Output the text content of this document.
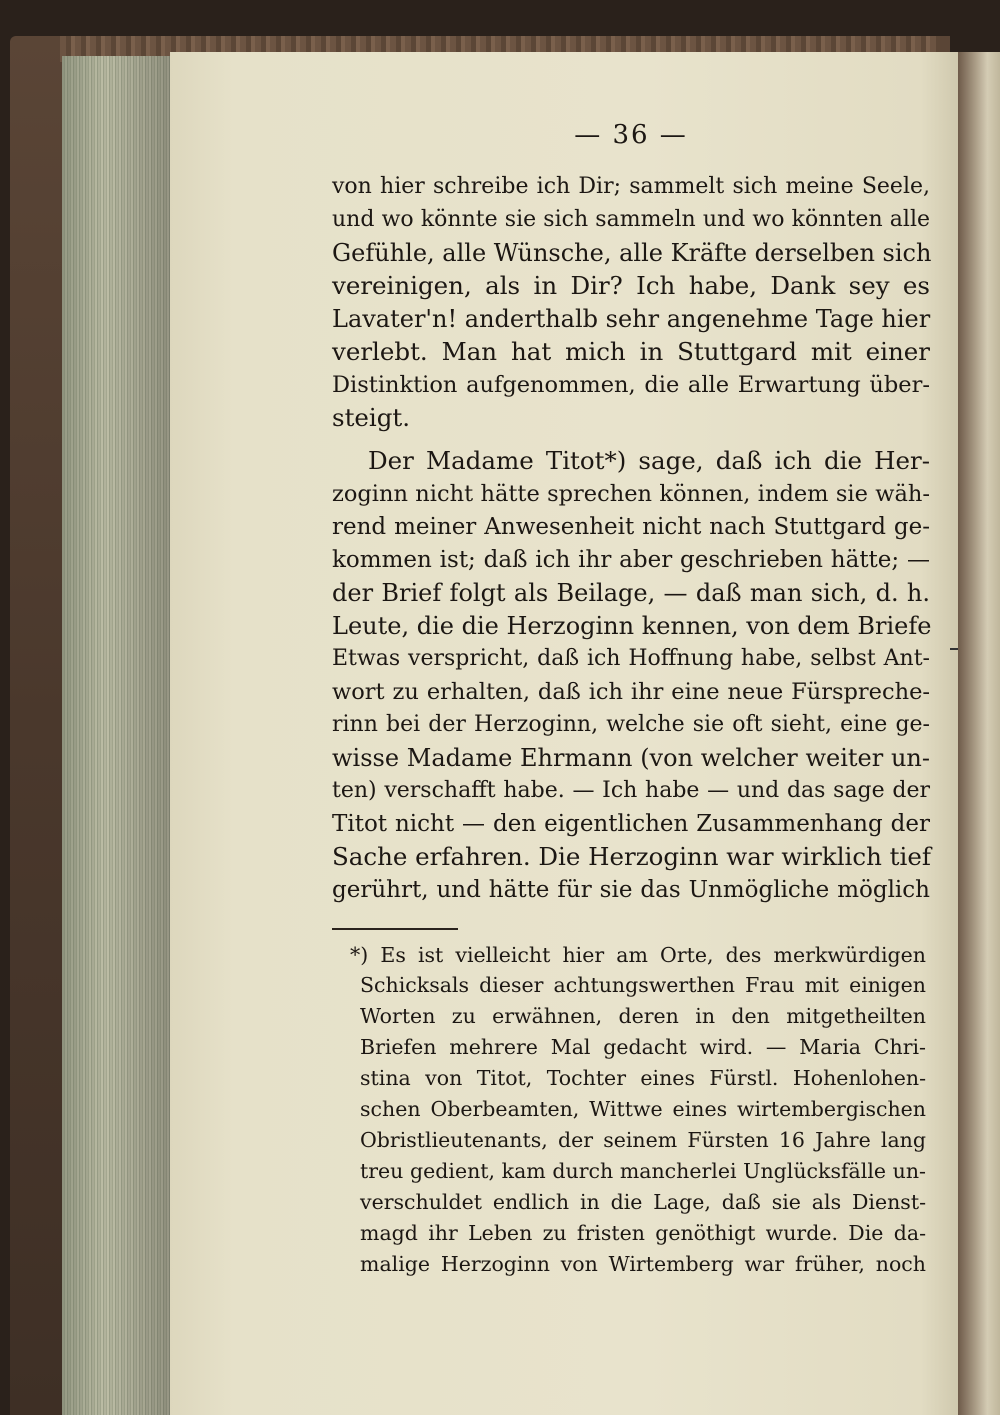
— 36 —
von hier schreibe ich Dir; sammelt sich meine Seele,
und wo könnte sie sich sammeln und wo könnten alle
Gefühle, alle Wünsche, alle Kräfte derselben sich
vereinigen, als in Dir? Ich habe, Dank sey es
Lavater'n! anderthalb sehr angenehme Tage hier
verlebt. Man hat mich in Stuttgard mit einer
Distinktion aufgenommen, die alle Erwartung über-
steigt.
Der Madame Titot*) sage, daß ich die Her-
zoginn nicht hätte sprechen können, indem sie wäh-
rend meiner Anwesenheit nicht nach Stuttgard ge-
kommen ist; daß ich ihr aber geschrieben hätte; —
der Brief folgt als Beilage, — daß man sich, d. h.
Leute, die die Herzoginn kennen, von dem Briefe
Etwas verspricht, daß ich Hoffnung habe, selbst Ant-
wort zu erhalten, daß ich ihr eine neue Fürspreche-
rinn bei der Herzoginn, welche sie oft sieht, eine ge-
wisse Madame Ehrmann (von welcher weiter un-
ten) verschafft habe. — Ich habe — und das sage der
Titot nicht — den eigentlichen Zusammenhang der
Sache erfahren. Die Herzoginn war wirklich tief
gerührt, und hätte für sie das Unmögliche möglich
*) Es ist vielleicht hier am Orte, des merkwürdigen
Schicksals dieser achtungswerthen Frau mit einigen
Worten zu erwähnen, deren in den mitgetheilten
Briefen mehrere Mal gedacht wird. — Maria Chri-
stina von Titot, Tochter eines Fürstl. Hohenlohen-
schen Oberbeamten, Wittwe eines wirtembergischen
Obristlieutenants, der seinem Fürsten 16 Jahre lang
treu gedient, kam durch mancherlei Unglücksfälle un-
verschuldet endlich in die Lage, daß sie als Dienst-
magd ihr Leben zu fristen genöthigt wurde. Die da-
malige Herzoginn von Wirtemberg war früher, noch
